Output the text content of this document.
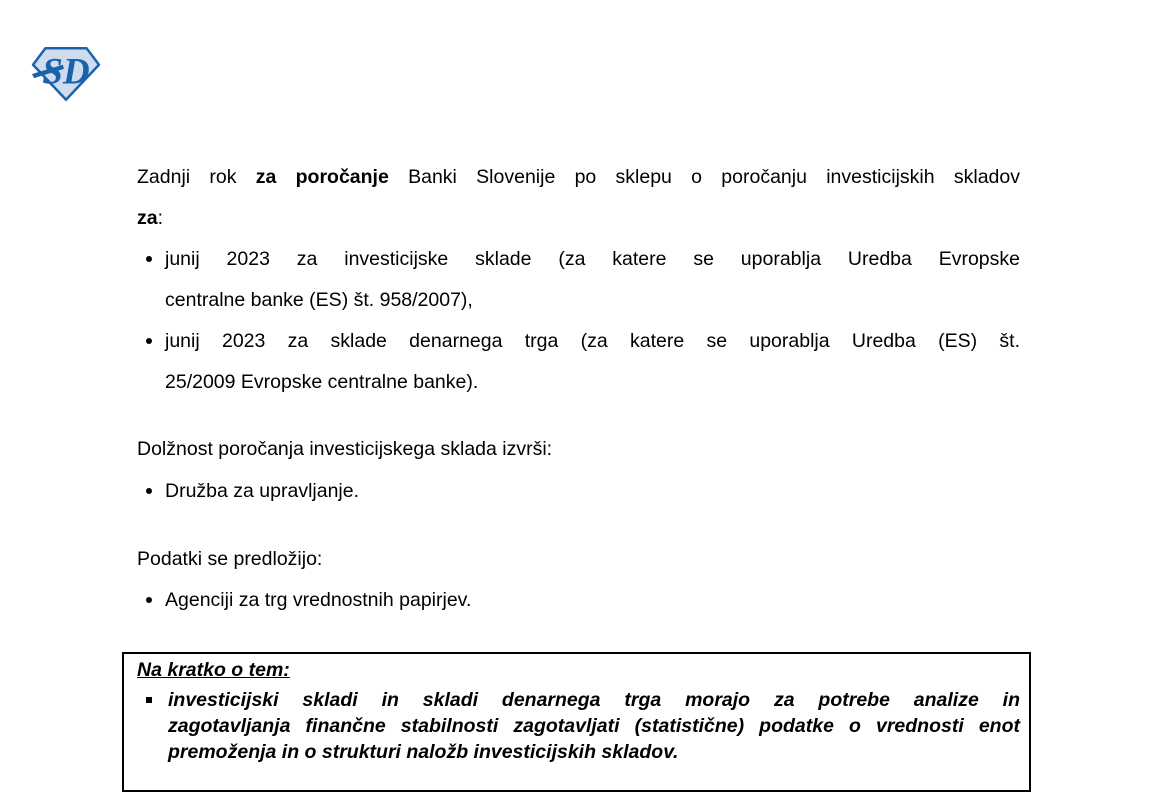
SD
Zadnji rok za poročanje Banki Slovenije po sklepu o poročanju investicijskih skladov
za:
junij 2023 za investicijske sklade (za katere se uporablja Uredba Evropske
centralne banke (ES) št. 958/2007),
junij 2023 za sklade denarnega trga (za katere se uporablja Uredba (ES) št.
25/2009 Evropske centralne banke).
Dolžnost poročanja investicijskega sklada izvrši:
Družba za upravljanje.
Podatki se predložijo:
Agenciji za trg vrednostnih papirjev.
Na kratko o tem:
investicijski skladi in skladi denarnega trga morajo za potrebe analize in
zagotavljanja finančne stabilnosti zagotavljati (statistične) podatke o vrednosti enot
premoženja in o strukturi naložb investicijskih skladov.
